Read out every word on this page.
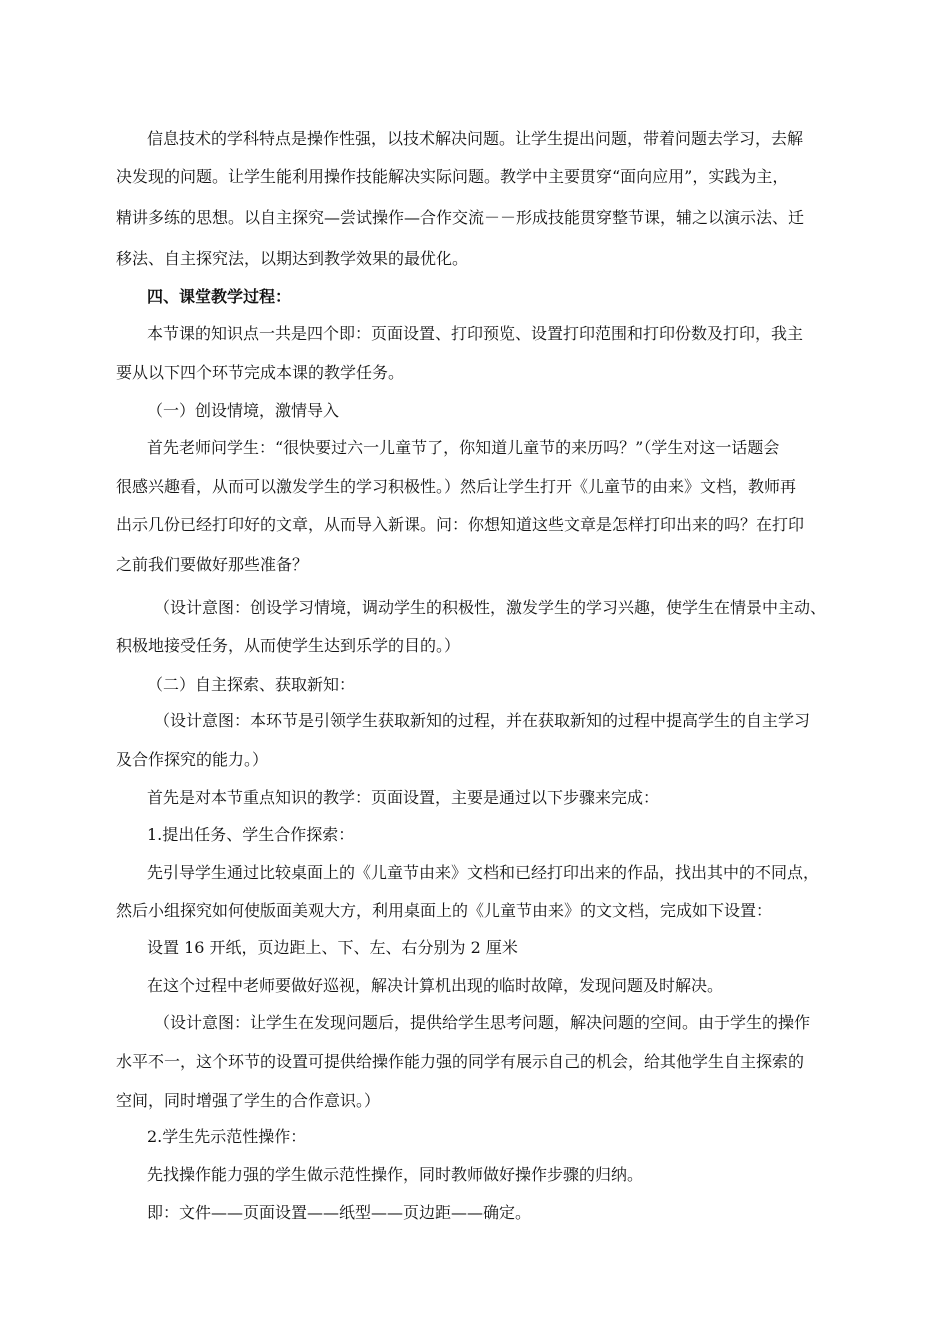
信息技术的学科特点是操作性强，以技术解决问题。让学生提出问题，带着问题去学习，去解
决发现的问题。让学生能利用操作技能解决实际问题。教学中主要贯穿“面向应用”，实践为主，
精讲多练的思想。以自主探究—尝试操作—合作交流－－形成技能贯穿整节课，辅之以演示法、迁
移法、自主探究法，以期达到教学效果的最优化。
四、课堂教学过程：
本节课的知识点一共是四个即：页面设置、打印预览、设置打印范围和打印份数及打印，我主
要从以下四个环节完成本课的教学任务。
（一）创设情境，激情导入
首先老师问学生：“很快要过六一儿童节了，你知道儿童节的来历吗？”（学生对这一话题会
很感兴趣看，从而可以激发学生的学习积极性。）然后让学生打开《儿童节的由来》文档，教师再
出示几份已经打印好的文章，从而导入新课。问：你想知道这些文章是怎样打印出来的吗？在打印
之前我们要做好那些准备？
（设计意图：创设学习情境，调动学生的积极性，激发学生的学习兴趣，使学生在情景中主动、
积极地接受任务，从而使学生达到乐学的目的。）
（二）自主探索、获取新知：
（设计意图：本环节是引领学生获取新知的过程，并在获取新知的过程中提高学生的自主学习
及合作探究的能力。）
首先是对本节重点知识的教学：页面设置，主要是通过以下步骤来完成：
1.提出任务、学生合作探索：
先引导学生通过比较桌面上的《儿童节由来》文档和已经打印出来的作品，找出其中的不同点，
然后小组探究如何使版面美观大方，利用桌面上的《儿童节由来》的文文档，完成如下设置：
设置 16 开纸，页边距上、下、左、右分别为 2 厘米
在这个过程中老师要做好巡视，解决计算机出现的临时故障，发现问题及时解决。
（设计意图：让学生在发现问题后，提供给学生思考问题，解决问题的空间。由于学生的操作
水平不一，这个环节的设置可提供给操作能力强的同学有展示自己的机会，给其他学生自主探索的
空间，同时增强了学生的合作意识。）
2.学生先示范性操作：
先找操作能力强的学生做示范性操作，同时教师做好操作步骤的归纳。
即：文件——页面设置——纸型——页边距——确定。
